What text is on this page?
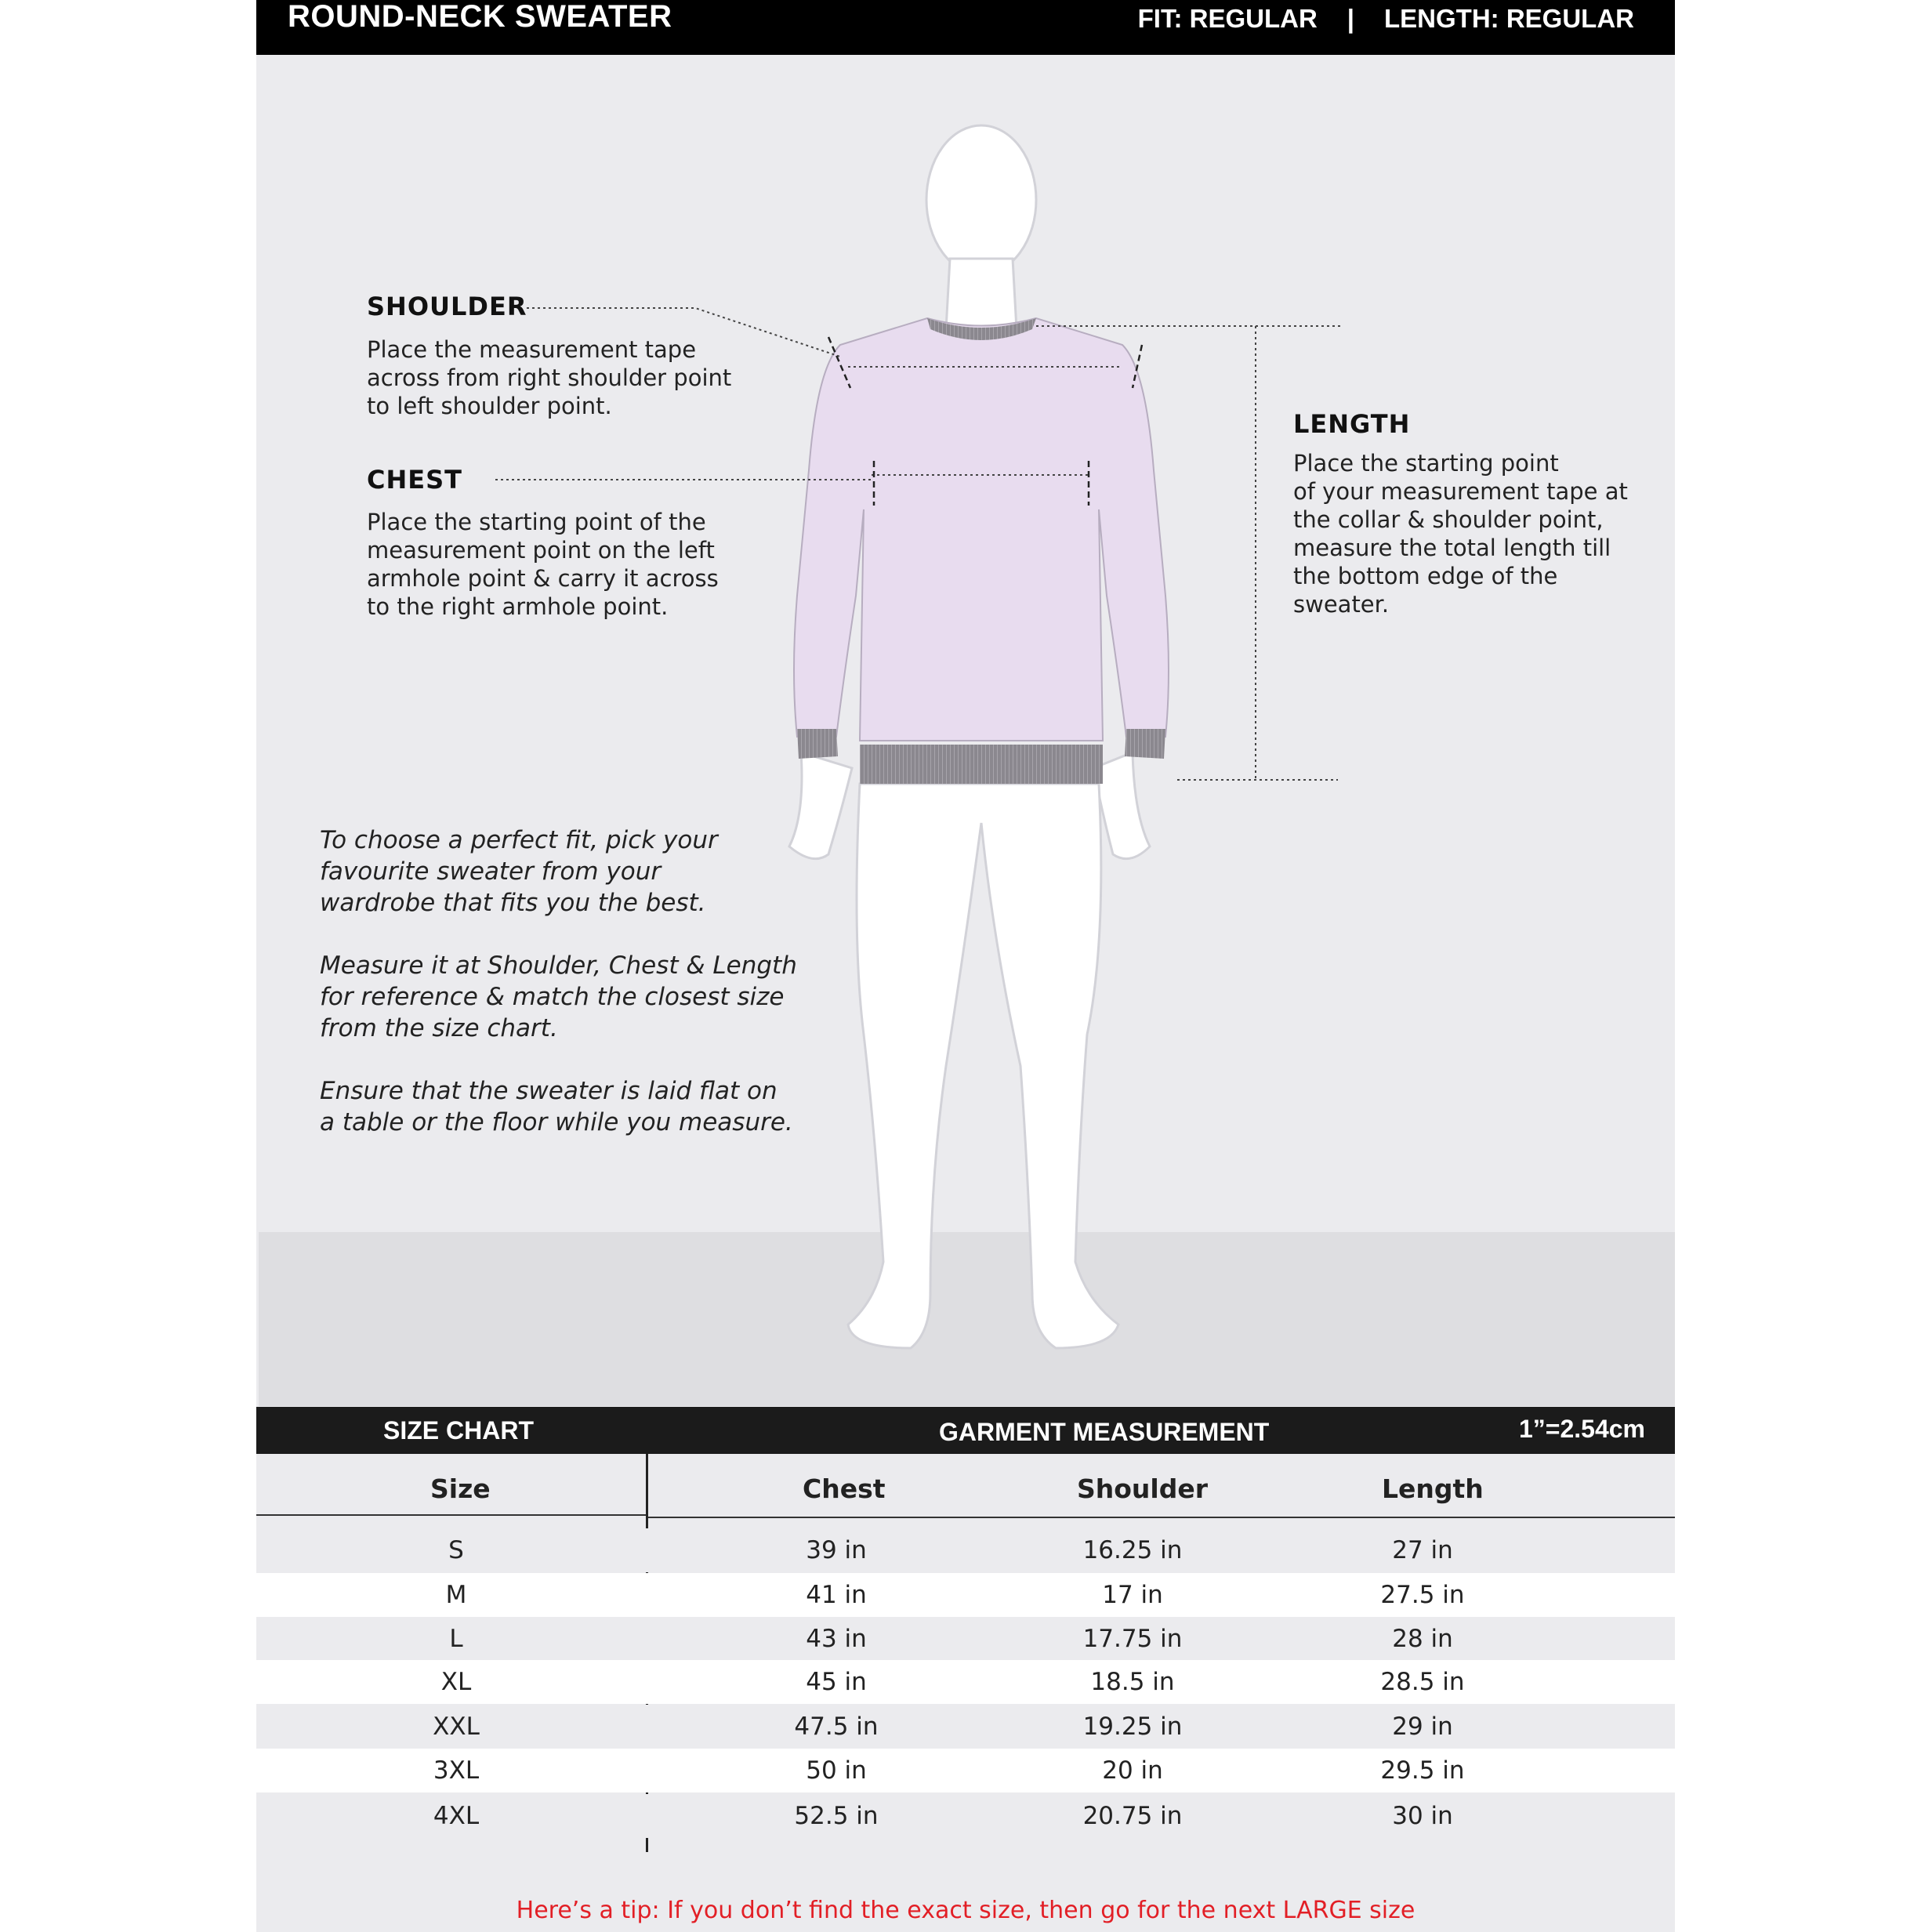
ROUND-NECK SWEATER	FIT: REGULAR | LENGTH: REGULAR
SHOULDER
Place the measurement tape
across from right shoulder point
to left shoulder point.
CHEST
Place the starting point of the
measurement point on the left
armhole point & carry it across
to the right armhole point.
LENGTH
Place the starting point
of your measurement tape at
the collar & shoulder point,
measure the total length till
the bottom edge of the
sweater.

To choose a perfect fit, pick your
favourite sweater from your
wardrobe that fits you the best.

Measure it at Shoulder, Chest & Length
for reference & match the closest size
from the size chart.

Ensure that the sweater is laid flat on
a table or the floor while you measure.

SIZE CHART	GARMENT MEASUREMENT	1”=2.54cm
Size	Chest	Shoulder	Length
S	39 in	16.25 in	27 in
M	41 in	17 in	27.5 in
L	43 in	17.75 in	28 in
XL	45 in	18.5 in	28.5 in
XXL	47.5 in	19.25 in	29 in
3XL	50 in	20 in	29.5 in
4XL	52.5 in	20.75 in	30 in
Here’s a tip: If you don’t find the exact size, then go for the next LARGE size
